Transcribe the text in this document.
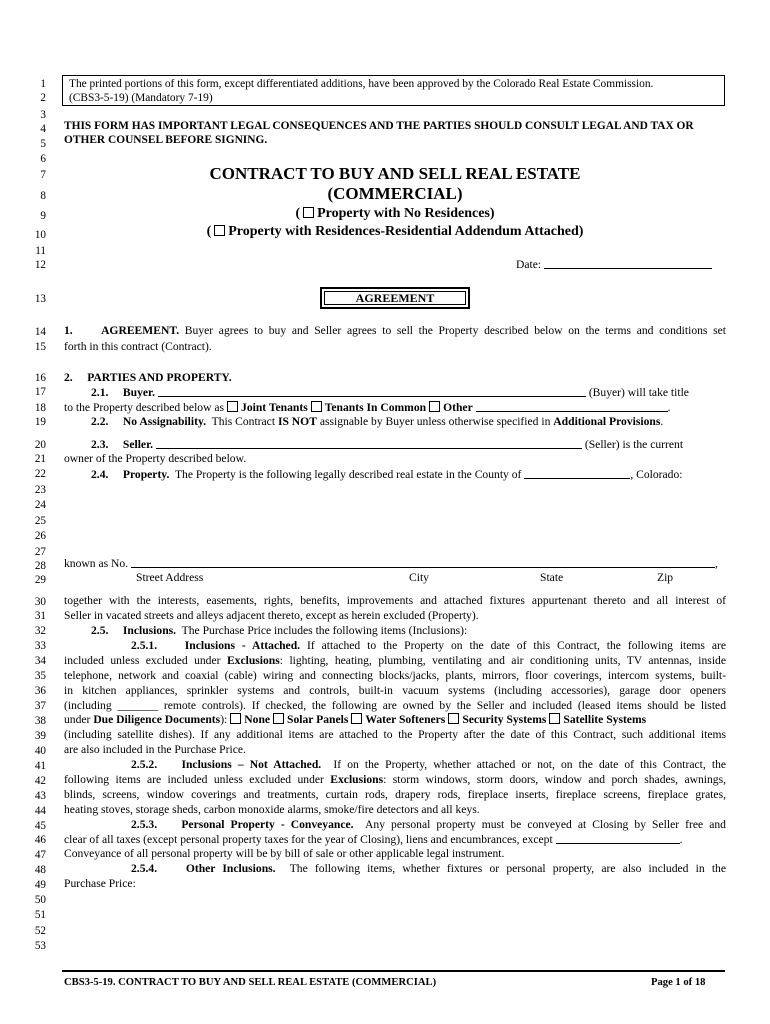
1
2
3
4
5
6
7
8
9
10
11
12
13
14
15
16
17
18
19
20
21
22
23
24
25
26
27
28
29
30
31
32
33
34
35
36
37
38
39
40
41
42
43
44
45
46
47
48
49
50
51
52
53
The printed portions of this form, except differentiated additions, have been approved by the Colorado Real Estate Commission.
(CBS3-5-19) (Mandatory 7-19)
THIS FORM HAS IMPORTANT LEGAL CONSEQUENCES AND THE PARTIES SHOULD CONSULT LEGAL AND TAX OR
OTHER COUNSEL BEFORE SIGNING.
CONTRACT TO BUY AND SELL REAL ESTATE
(COMMERCIAL)
( Property with No Residences)
( Property with Residences-Residential Addendum Attached)
Date:
AGREEMENT
1. AGREEMENT. Buyer agrees to buy and Seller agrees to sell the Property described below on the terms and conditions set
forth in this contract (Contract).
2.     PARTIES AND PROPERTY.
2.1. Buyer.	(Buyer) will take title
to the Property described below as Joint Tenants Tenants In Common Other	.
2.2. No Assignability. This Contract IS NOT assignable by Buyer unless otherwise specified in Additional Provisions.
2.3. Seller.	(Seller) is the current
owner of the Property described below.
2.4. Property. The Property is the following legally described real estate in the County of	, Colorado:
known as No.	,
Street Address	City	State	Zip
together with the interests, easements, rights, benefits, improvements and attached fixtures appurtenant thereto and all interest of
Seller in vacated streets and alleys adjacent thereto, except as herein excluded (Property).
2.5. Inclusions. The Purchase Price includes the following items (Inclusions):
2.5.1. Inclusions - Attached. If attached to the Property on the date of this Contract, the following items are
included unless excluded under Exclusions: lighting, heating, plumbing, ventilating and air conditioning units, TV antennas, inside
telephone, network and coaxial (cable) wiring and connecting blocks/jacks, plants, mirrors, floor coverings, intercom systems, built-
in kitchen appliances, sprinkler systems and controls, built-in vacuum systems (including accessories), garage door openers
(including _______ remote controls). If checked, the following are owned by the Seller and included (leased items should be listed
under Due Diligence Documents): None Solar Panels Water Softeners Security Systems Satellite Systems
(including satellite dishes). If any additional items are attached to the Property after the date of this Contract, such additional items
are also included in the Purchase Price.
2.5.2. Inclusions – Not Attached. If on the Property, whether attached or not, on the date of this Contract, the
following items are included unless excluded under Exclusions: storm windows, storm doors, window and porch shades, awnings,
blinds, screens, window coverings and treatments, curtain rods, drapery rods, fireplace inserts, fireplace screens, fireplace grates,
heating stoves, storage sheds, carbon monoxide alarms, smoke/fire detectors and all keys.
2.5.3. Personal Property - Conveyance. Any personal property must be conveyed at Closing by Seller free and
clear of all taxes (except personal property taxes for the year of Closing), liens and encumbrances, except	.
Conveyance of all personal property will be by bill of sale or other applicable legal instrument.
2.5.4. Other Inclusions. The following items, whether fixtures or personal property, are also included in the
Purchase Price:
CBS3-5-19. CONTRACT TO BUY AND SELL REAL ESTATE (COMMERCIAL)	Page 1 of 18
